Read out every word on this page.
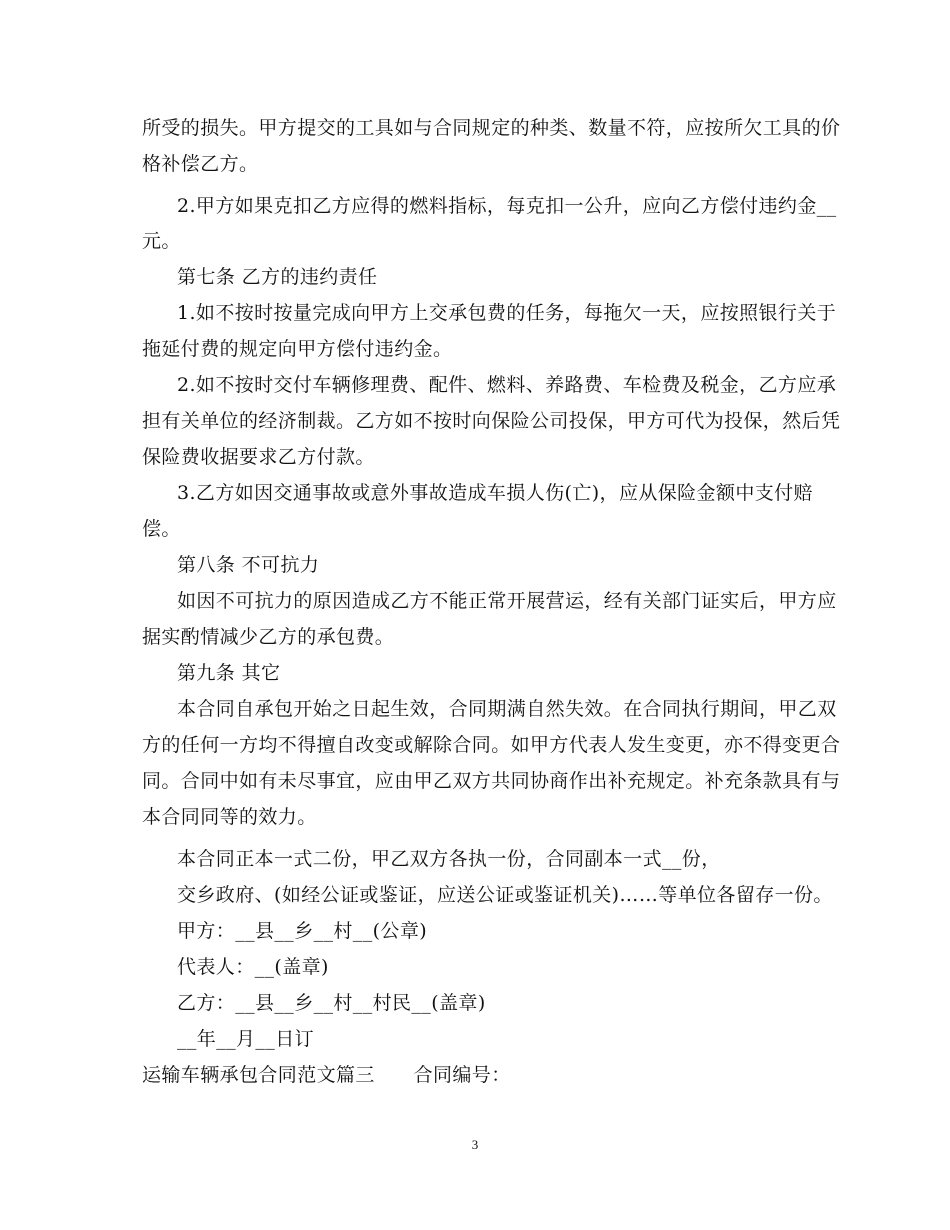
所受的损失。甲方提交的工具如与合同规定的种类、数量不符，应按所欠工具的价
格补偿乙方。
2.甲方如果克扣乙方应得的燃料指标，每克扣一公升，应向乙方偿付违约金__
元。
第七条 乙方的违约责任
1.如不按时按量完成向甲方上交承包费的任务，每拖欠一天，应按照银行关于
拖延付费的规定向甲方偿付违约金。
2.如不按时交付车辆修理费、配件、燃料、养路费、车检费及税金，乙方应承
担有关单位的经济制裁。乙方如不按时向保险公司投保，甲方可代为投保，然后凭
保险费收据要求乙方付款。
3.乙方如因交通事故或意外事故造成车损人伤(亡)，应从保险金额中支付赔
偿。
第八条 不可抗力
如因不可抗力的原因造成乙方不能正常开展营运，经有关部门证实后，甲方应
据实酌情减少乙方的承包费。
第九条 其它
本合同自承包开始之日起生效，合同期满自然失效。在合同执行期间，甲乙双
方的任何一方均不得擅自改变或解除合同。如甲方代表人发生变更，亦不得变更合
同。合同中如有未尽事宜，应由甲乙双方共同协商作出补充规定。补充条款具有与
本合同同等的效力。
本合同正本一式二份，甲乙双方各执一份，合同副本一式__份，
交乡政府、(如经公证或鉴证，应送公证或鉴证机关)……等单位各留存一份。
甲方：__县__乡__村__(公章)
代表人：__(盖章)
乙方：__县__乡__村__村民__(盖章)
__年__月__日订
运输车辆承包合同范文篇三　　合同编号：
3
